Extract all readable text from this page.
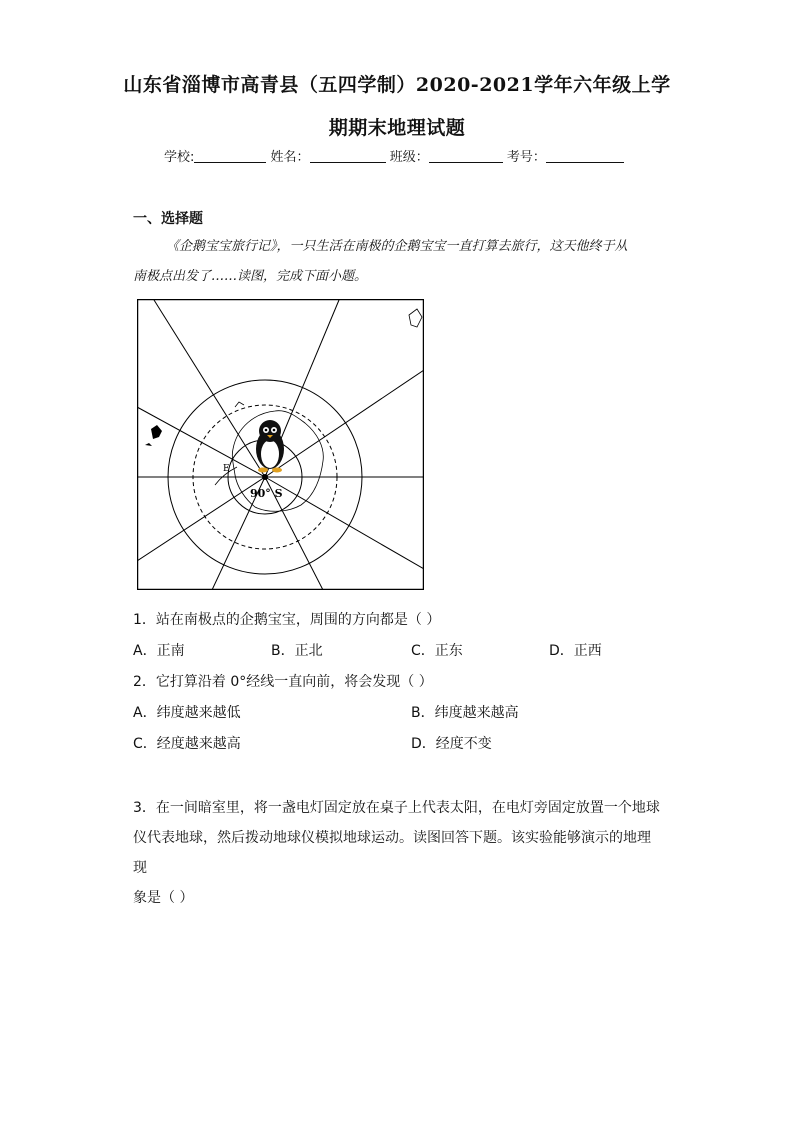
山东省淄博市高青县（五四学制）2020-2021学年六年级上学
期期末地理试题
学校:	姓名：	班级：	考号：
一、选择题
《企鹅宝宝旅行记》，一只生活在南极的企鹅宝宝一直打算去旅行，这天他终于从
南极点出发了……读图，完成下面小题。
E
90° S
1．站在南极点的企鹅宝宝，周围的方向都是（ ）
A．正南	B．正北	C．正东	D．正西
2．它打算沿着 0°经线一直向前，将会发现（ ）
A．纬度越来越低	B．纬度越来越高
C．经度越来越高	D．经度不变
3．在一间暗室里，将一盏电灯固定放在桌子上代表太阳，在电灯旁固定放置一个地球
仪代表地球，然后拨动地球仪模拟地球运动。读图回答下题。该实验能够演示的地理现
象是（ ）
